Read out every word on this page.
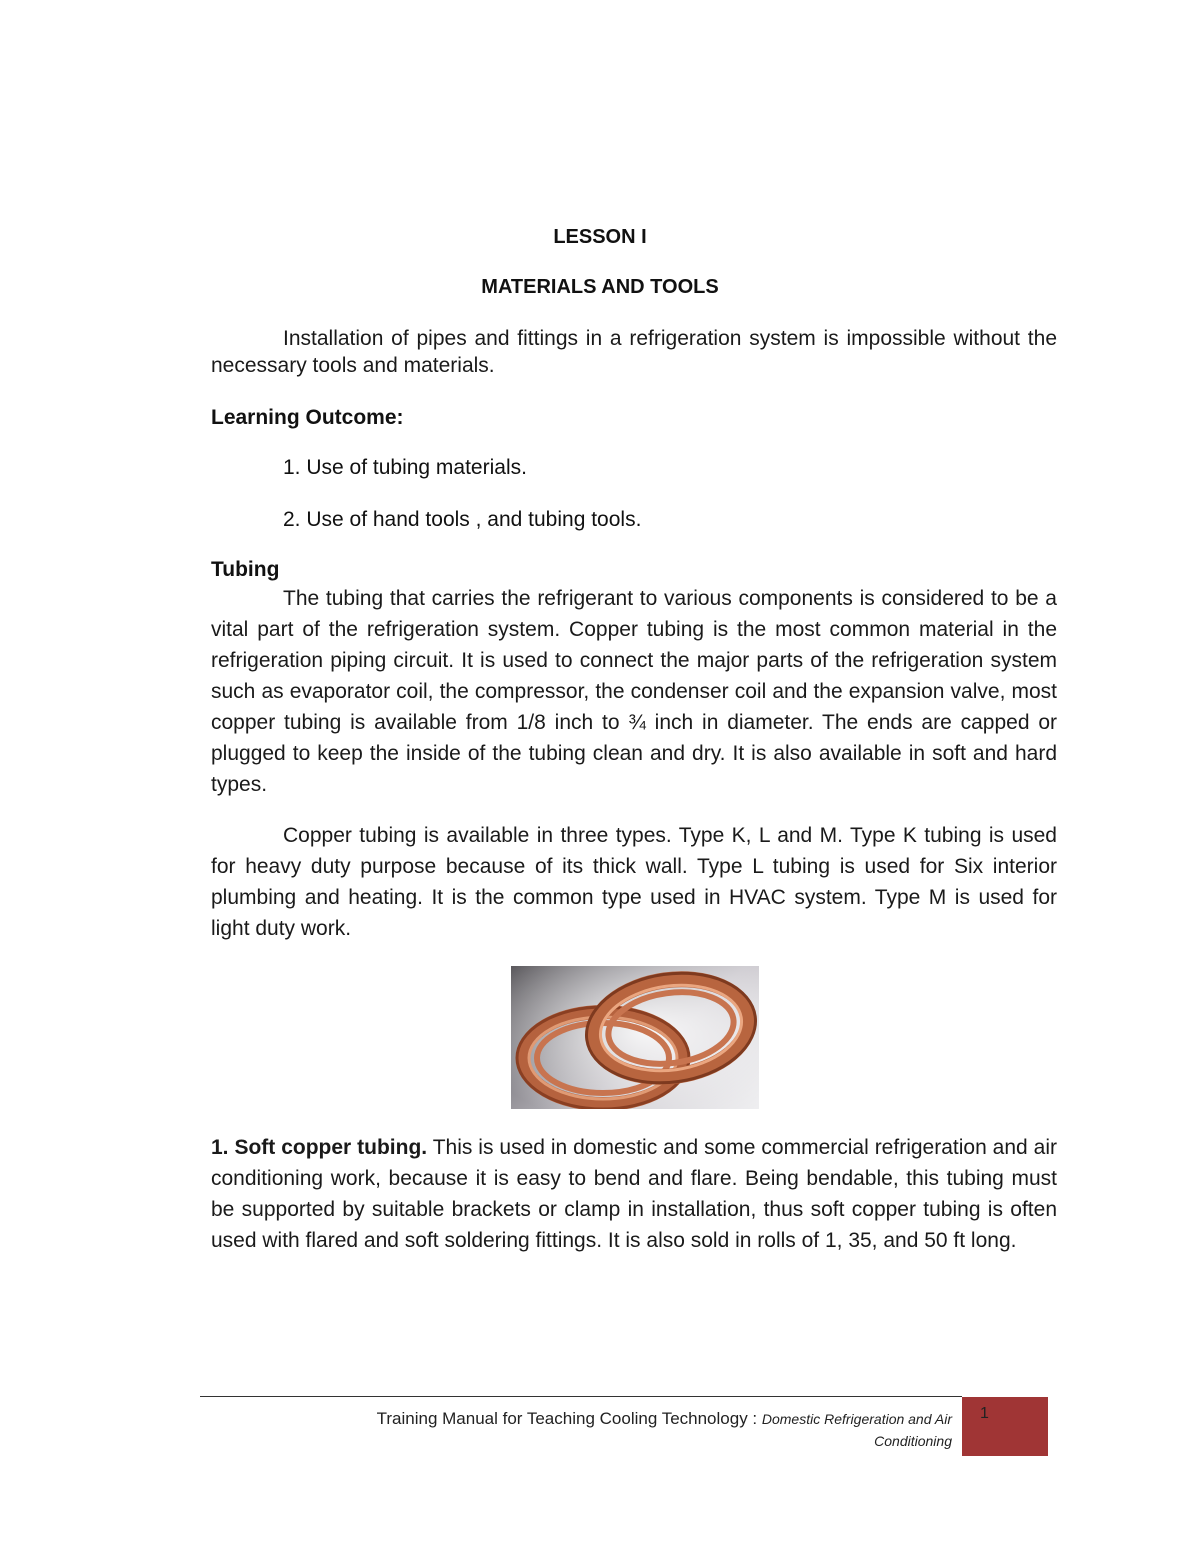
LESSON I
MATERIALS AND TOOLS
Installation of pipes and fittings in a refrigeration system is impossible without the necessary tools and materials.
Learning Outcome:
1. Use of tubing materials.
2. Use of hand tools , and tubing tools.
Tubing
The tubing that carries the refrigerant to various components is considered to be a vital part of the refrigeration system. Copper tubing is the most common material in the refrigeration piping circuit. It is used to connect the major parts of the refrigeration system such as evaporator coil, the compressor, the condenser coil and the expansion valve, most copper tubing is available from 1/8 inch to ¾ inch in diameter. The ends are capped or plugged to keep the inside of the tubing clean and dry. It is also available in soft and hard types.
Copper tubing is available in three types. Type K, L and M. Type K tubing is used for heavy duty purpose because of its thick wall. Type L tubing is used for Six interior plumbing and heating. It is the common type used in HVAC system. Type M is used for light duty work.
1. Soft copper tubing. This is used in domestic and some commercial refrigeration and air conditioning work, because it is easy to bend and flare. Being bendable, this tubing must be supported by suitable brackets or clamp in installation, thus soft copper tubing is often used with flared and soft soldering fittings. It is also sold in rolls of 1, 35, and 50 ft long.
Training Manual for Teaching Cooling Technology : Domestic Refrigeration and Air
Conditioning
1
